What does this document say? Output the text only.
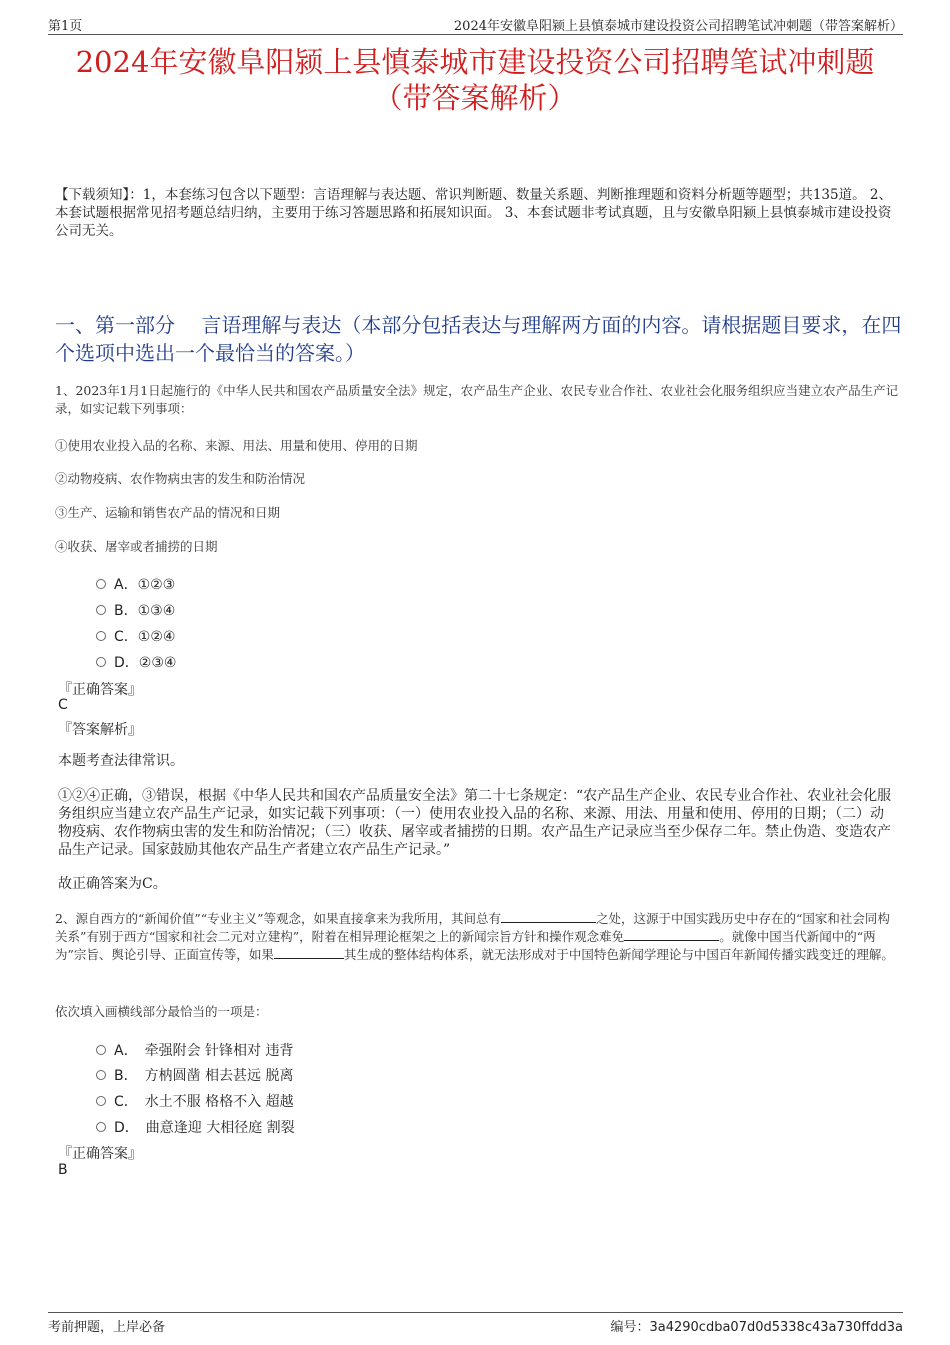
第1页	2024年安徽阜阳颍上县慎泰城市建设投资公司招聘笔试冲刺题（带答案解析）
2024年安徽阜阳颍上县慎泰城市建设投资公司招聘笔试冲刺题
（带答案解析）
【下载须知】：1，本套练习包含以下题型：言语理解与表达题、常识判断题、数量关系题、判断推理题和资料分析题等题型；共135道。 2、本套试题根据常见招考题总结归纳，主要用于练习答题思路和拓展知识面。 3、本套试题非考试真题，且与安徽阜阳颍上县慎泰城市建设投资公司无关。
一、第一部分　 言语理解与表达（本部分包括表达与理解两方面的内容。请根据题目要求，在四个选项中选出一个最恰当的答案。）
1、2023年1月1日起施行的《中华人民共和国农产品质量安全法》规定，农产品生产企业、农民专业合作社、农业社会化服务组织应当建立农产品生产记录，如实记载下列事项：
①使用农业投入品的名称、来源、用法、用量和使用、停用的日期
②动物疫病、农作物病虫害的发生和防治情况
③生产、运输和销售农产品的情况和日期
④收获、屠宰或者捕捞的日期
A．①②③
B．①③④
C．①②④
D．②③④
『正确答案』
C
『答案解析』
本题考查法律常识。
①②④正确，③错误，根据《中华人民共和国农产品质量安全法》第二十七条规定：“农产品生产企业、农民专业合作社、农业社会化服务组织应当建立农产品生产记录，如实记载下列事项：（一）使用农业投入品的名称、来源、用法、用量和使用、停用的日期；（二）动物疫病、农作物病虫害的发生和防治情况；（三）收获、屠宰或者捕捞的日期。农产品生产记录应当至少保存二年。禁止伪造、变造农产品生产记录。国家鼓励其他农产品生产者建立农产品生产记录。”
故正确答案为C。
2、源自西方的“新闻价值”“专业主义”等观念，如果直接拿来为我所用，其间总有	之处，这源于中国实践历史中存在的“国家和社会同构关系”有别于西方“国家和社会二元对立建构”，附着在相异理论框架之上的新闻宗旨方针和操作观念难免	。就像中国当代新闻中的“两为”宗旨、舆论引导、正面宣传等，如果	其生成的整体结构体系，就无法形成对于中国特色新闻学理论与中国百年新闻传播实践变迁的理解。
依次填入画横线部分最恰当的一项是：
A．　牵强附会 针锋相对 违背
B．　方枘圆凿 相去甚远 脱离
C．　水土不服 格格不入 超越
D．　曲意逢迎 大相径庭 割裂
『正确答案』
B
考前押题，上岸必备	编号：3a4290cdba07d0d5338c43a730ffdd3a
